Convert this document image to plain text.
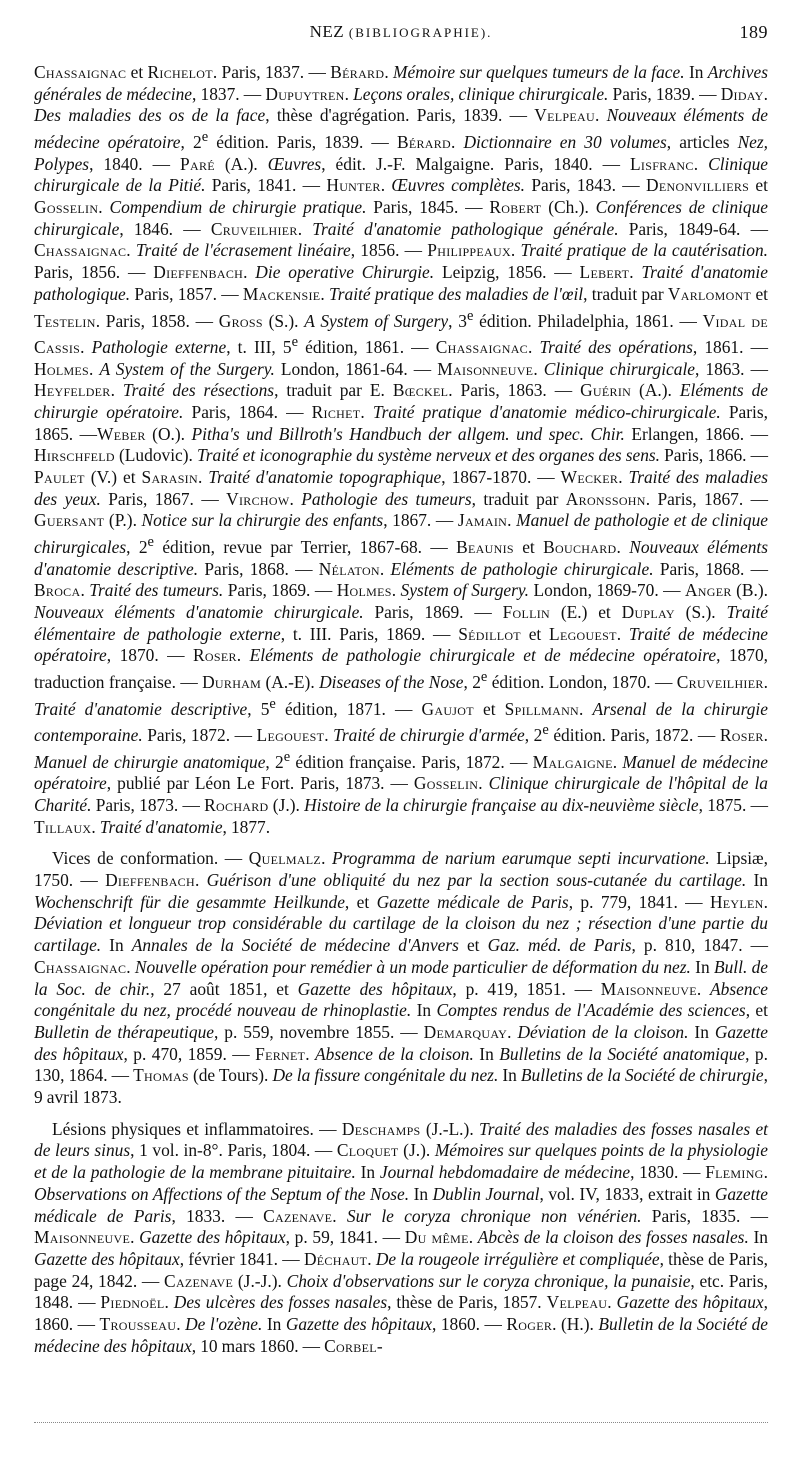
NEZ (BIBLIOGRAPHIE).	189

Chassaignac et Richelot. Paris, 1837. — Bérard. Mémoire sur quelques tumeurs de la face. In Archives générales de médecine, 1837. — Dupuytren. Leçons orales, clinique chirurgicale. Paris, 1839. — Diday. Des maladies des os de la face, thèse d'agrégation. Paris, 1839. — Velpeau. Nouveaux éléments de médecine opératoire, 2e édition. Paris, 1839. — Bérard. Dictionnaire en 30 volumes, articles Nez, Polypes, 1840. — Paré (A.). Œuvres, édit. J.-F. Malgaigne. Paris, 1840. — Lisfranc. Clinique chirurgicale de la Pitié. Paris, 1841. — Hunter. Œuvres complètes. Paris, 1843. — Denonvilliers et Gosselin. Compendium de chirurgie pratique. Paris, 1845. — Robert (Ch.). Conférences de clinique chirurgicale, 1846. — Cruveilhier. Traité d'anatomie pathologique générale. Paris, 1849-64. — Chassaignac. Traité de l'écrasement linéaire, 1856. — Philippeaux. Traité pratique de la cautérisation. Paris, 1856. — Dieffenbach. Die operative Chirurgie. Leipzig, 1856. — Lebert. Traité d'anatomie pathologique. Paris, 1857. — Mackensie. Traité pratique des maladies de l'œil, traduit par Varlomont et Testelin. Paris, 1858. — Gross (S.). A System of Surgery, 3e édition. Philadelphia, 1861. — Vidal de Cassis. Pathologie externe, t. III, 5e édition, 1861. — Chassaignac. Traité des opérations, 1861. — Holmes. A System of the Surgery. London, 1861-64. — Maisonneuve. Clinique chirurgicale, 1863. — Heyfelder. Traité des résections, traduit par E. Bœckel. Paris, 1863. — Guérin (A.). Eléments de chirurgie opératoire. Paris, 1864. — Richet. Traité pratique d'anatomie médico-chirurgicale. Paris, 1865. —Weber (O.). Pitha's und Billroth's Handbuch der allgem. und spec. Chir. Erlangen, 1866. —Hirschfeld (Ludovic). Traité et iconographie du système nerveux et des organes des sens. Paris, 1866. — Paulet (V.) et Sarasin. Traité d'anatomie topographique, 1867-1870. — Wecker. Traité des maladies des yeux. Paris, 1867. — Virchow. Pathologie des tumeurs, traduit par Aronssohn. Paris, 1867. — Guersant (P.). Notice sur la chirurgie des enfants, 1867. — Jamain. Manuel de pathologie et de clinique chirurgicales, 2e édition, revue par Terrier, 1867-68. — Beaunis et Bouchard. Nouveaux éléments d'anatomie descriptive. Paris, 1868. — Nélaton. Eléments de pathologie chirurgicale. Paris, 1868. — Broca. Traité des tumeurs. Paris, 1869. — Holmes. System of Surgery. London, 1869-70. — Anger (B.). Nouveaux éléments d'anatomie chirurgicale. Paris, 1869. — Follin (E.) et Duplay (S.). Traité élémentaire de pathologie externe, t. III. Paris, 1869. — Sédillot et Legouest. Traité de médecine opératoire, 1870. — Roser. Eléments de pathologie chirurgicale et de médecine opératoire, 1870, traduction française. — Durham (A.-E). Diseases of the Nose, 2e édition. London, 1870. — Cruveilhier. Traité d'anatomie descriptive, 5e édition, 1871. — Gaujot et Spillmann. Arsenal de la chirurgie contemporaine. Paris, 1872. — Legouest. Traité de chirurgie d'armée, 2e édition. Paris, 1872. — Roser. Manuel de chirurgie anatomique, 2e édition française. Paris, 1872. — Malgaigne. Manuel de médecine opératoire, publié par Léon Le Fort. Paris, 1873. — Gosselin. Clinique chirurgicale de l'hôpital de la Charité. Paris, 1873. — Rochard (J.). Histoire de la chirurgie française au dix-neuvième siècle, 1875. — Tillaux. Traité d'anatomie, 1877.

Vices de conformation. — Quelmalz. Programma de narium earumque septi incurvatione. Lipsiæ, 1750. — Dieffenbach. Guérison d'une obliquité du nez par la section sous-cutanée du cartilage. In Wochenschrift für die gesammte Heilkunde, et Gazette médicale de Paris, p. 779, 1841. — Heylen. Déviation et longueur trop considérable du cartilage de la cloison du nez ; résection d'une partie du cartilage. In Annales de la Société de médecine d'Anvers et Gaz. méd. de Paris, p. 810, 1847. — Chassaignac. Nouvelle opération pour remédier à un mode particulier de déformation du nez. In Bull. de la Soc. de chir., 27 août 1851, et Gazette des hôpitaux, p. 419, 1851. — Maisonneuve. Absence congénitale du nez, procédé nouveau de rhinoplastie. In Comptes rendus de l'Académie des sciences, et Bulletin de thérapeutique, p. 559, novembre 1855. — Demarquay. Déviation de la cloison. In Gazette des hôpitaux, p. 470, 1859. — Fernet. Absence de la cloison. In Bulletins de la Société anatomique, p. 130, 1864. — Thomas (de Tours). De la fissure congénitale du nez. In Bulletins de la Société de chirurgie, 9 avril 1873.

Lésions physiques et inflammatoires. — Deschamps (J.-L.). Traité des maladies des fosses nasales et de leurs sinus, 1 vol. in-8°. Paris, 1804. — Cloquet (J.). Mémoires sur quelques points de la physiologie et de la pathologie de la membrane pituitaire. In Journal hebdomadaire de médecine, 1830. — Fleming. Observations on Affections of the Septum of the Nose. In Dublin Journal, vol. IV, 1833, extrait in Gazette médicale de Paris, 1833. — Cazenave. Sur le coryza chronique non vénérien. Paris, 1835. — Maisonneuve. Gazette des hôpitaux, p. 59, 1841. — Du même. Abcès de la cloison des fosses nasales. In Gazette des hôpitaux, février 1841. — Déchaut. De la rougeole irrégulière et compliquée, thèse de Paris, page 24, 1842. — Cazenave (J.-J.). Choix d'observations sur le coryza chronique, la punaisie, etc. Paris, 1848. — Piednoël. Des ulcères des fosses nasales, thèse de Paris, 1857. Velpeau. Gazette des hôpitaux, 1860. — Trousseau. De l'ozène. In Gazette des hôpitaux, 1860. — Roger. (H.). Bulletin de la Société de médecine des hôpitaux, 10 mars 1860. — Corbel-
